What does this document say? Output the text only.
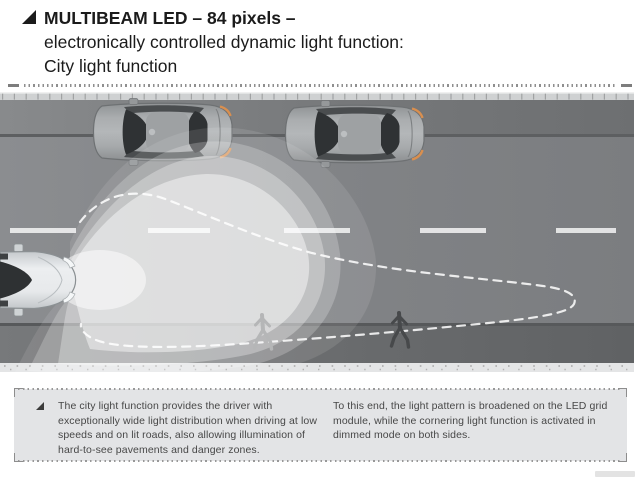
MULTIBEAM LED – 84 pixels –
electronically controlled dynamic light function:
City light function
The city light function provides the driver with exceptionally wide light distribution when driving at low speeds and on lit roads, also allowing illumination of hard-to-see pavements and danger zones.
To this end, the light pattern is broadened on the LED grid module, while the cornering light function is activated in dimmed mode on both sides.
